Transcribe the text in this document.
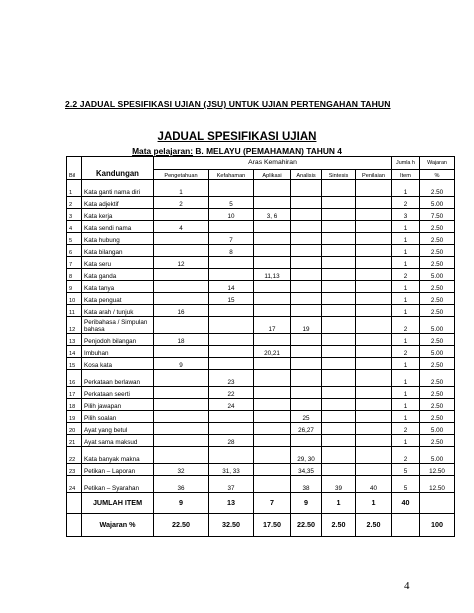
2.2 JADUAL SPESIFIKASI UJIAN (JSU) UNTUK UJIAN PERTENGAHAN TAHUN
JADUAL SPESIFIKASI UJIAN
Mata pelajaran: B. MELAYU (PEMAHAMAN) TAHUN 4
Bil	Kandungan	Aras Kemahiran						Jumla h	Wajaran
		Pengetahuan	Kefahaman	Aplikasi	Analisis	Sintesis	Penilaian	Item	%
1	Kata ganti nama diri	1						1	2.50
2	Kata adjektif	2	5					2	5.00
3	Kata kerja		10	3, 6				3	7.50
4	Kata sendi nama	4						1	2.50
5	Kata hubung		7					1	2.50
6	Kata bilangan		8					1	2.50
7	Kata seru	12						1	2.50
8	Kata ganda			11,13				2	5.00
9	Kata tanya		14					1	2.50
10	Kata penguat		15					1	2.50
11	Kata arah / tunjuk	16						1	2.50
12	Peribahasa / Simpulan bahasa			17	19			2	5.00
13	Penjodoh bilangan	18						1	2.50
14	Imbuhan			20,21				2	5.00
15	Kosa kata	9						1	2.50
16	Perkataan berlawan		23					1	2.50
17	Perkataan seerti		22					1	2.50
18	Pilih jawapan		24					1	2.50
19	Pilih soalan				25			1	2.50
20	Ayat yang betul				26,27			2	5.00
21	Ayat sama maksud		28					1	2.50
22	Kata banyak makna				29, 30			2	5.00
23	Petikan – Laporan	32	31, 33		34,35			5	12.50
24	Petikan – Syarahan	36	37		38	39	40	5	12.50
	JUMLAH ITEM	9	13	7	9	1	1	40	
	Wajaran %	22.50	32.50	17.50	22.50	2.50	2.50		100
4
